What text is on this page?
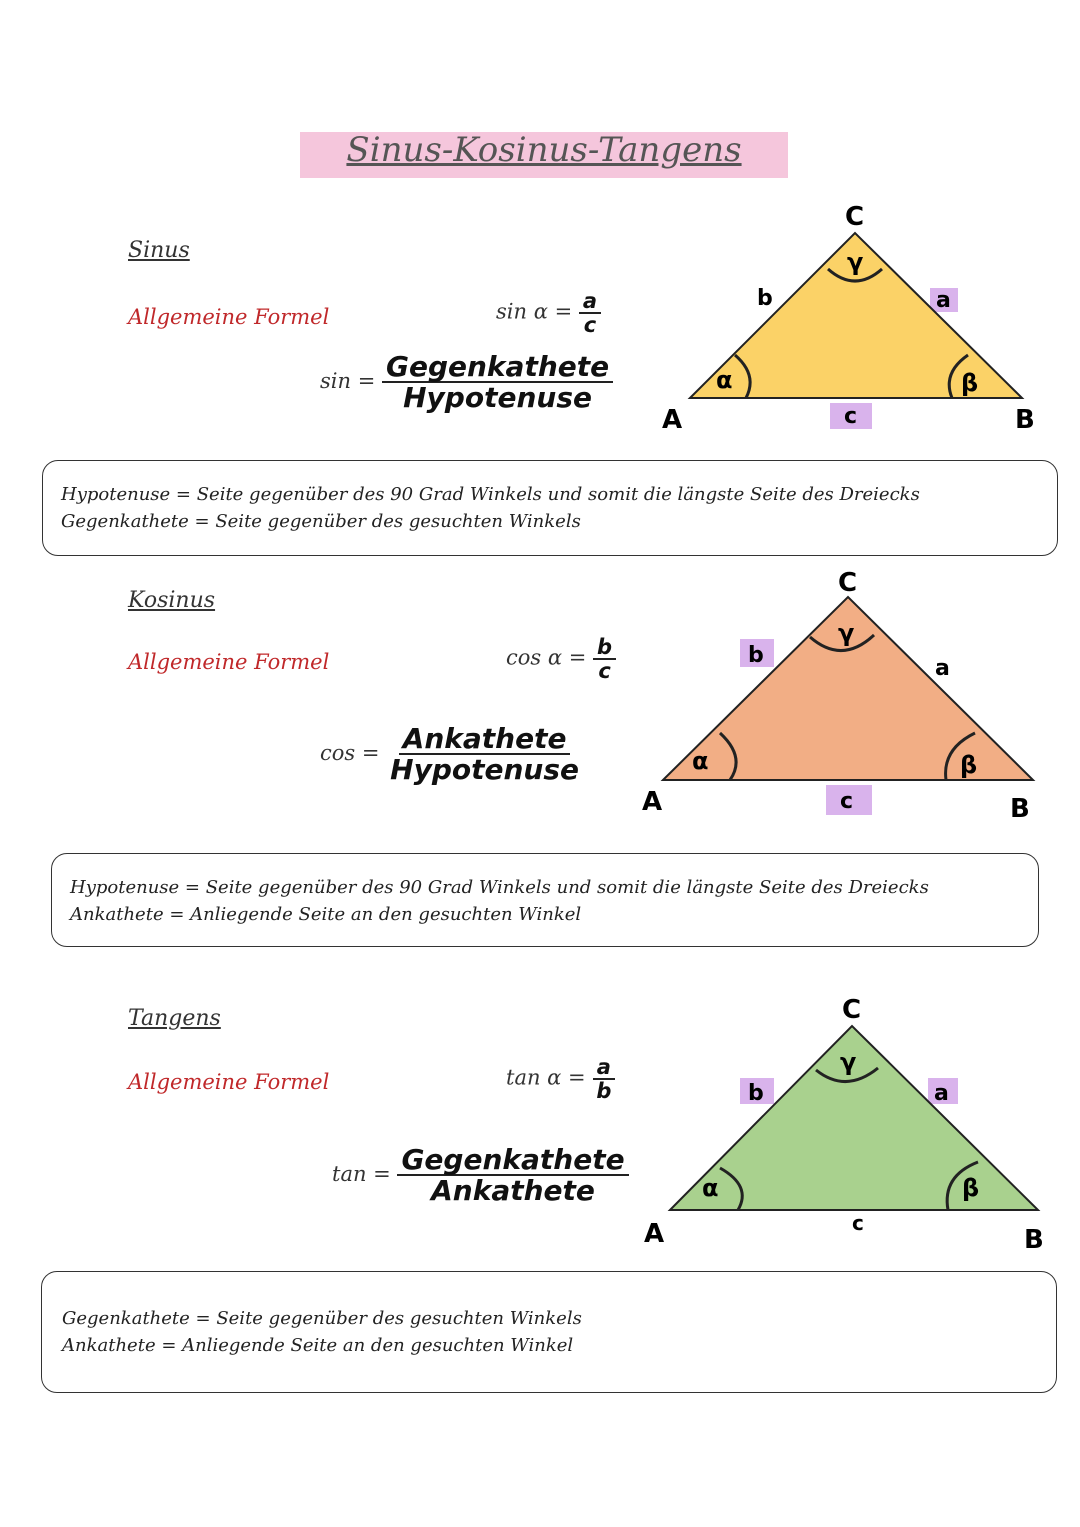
Sinus-Kosinus-Tangens
Sinus
Allgemeine Formel	$\sin \alpha = \frac{a}{c}$
$\sin = \frac{\text{Gegenkathete}}{\text{Hypotenuse}}$
C
A	B
b	a
c
α	β
γ

Hypotenuse = Seite gegenüber des 90 Grad Winkels und somit die längste Seite des Dreiecks

Gegenkathete = Seite gegenüber des gesuchten Winkels

Kosinus
Allgemeine Formel	$\cos \alpha = \frac{b}{c}$
$\cos = \frac{\text{Ankathete}}{\text{Hypotenuse}}$
C
A	B
b
a
c
α	β
γ

Hypotenuse = Seite gegenüber des 90 Grad Winkels und somit die längste Seite des Dreiecks

Ankathete = Anliegende Seite an den gesuchten Winkel

Tangens
Allgemeine Formel	$\tan \alpha = \frac{a}{b}$
$\tan = \frac{\text{Gegenkathete}}{\text{Ankathete}}$
C
A	B
b	a
c
α	β
γ

Gegenkathete = Seite gegenüber des gesuchten Winkels

Ankathete = Anliegende Seite an den gesuchten Winkel
